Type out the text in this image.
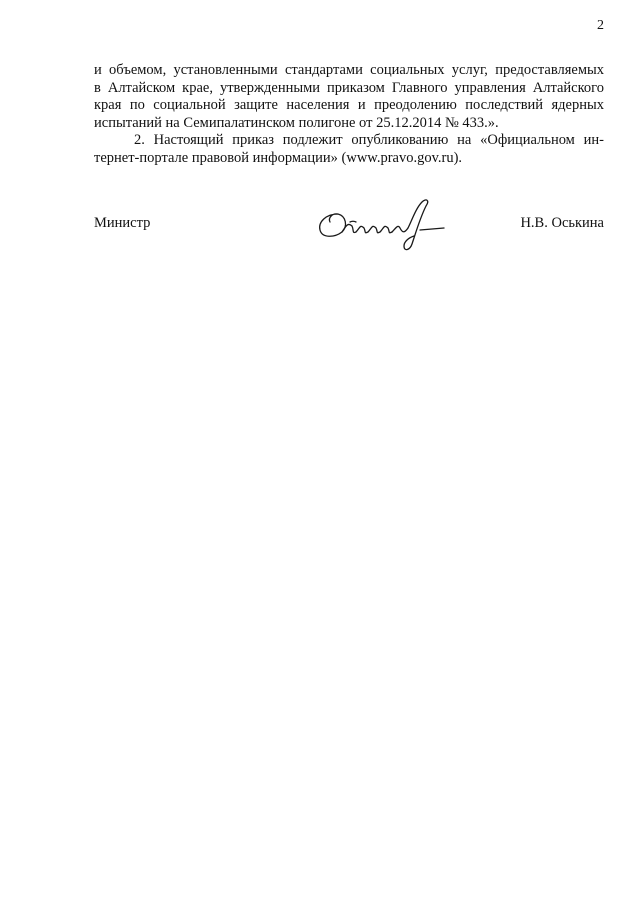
2
и объемом, установленными стандартами социальных услуг, предоставляемых
в Алтайском крае, утвержденными приказом Главного управления Алтайского
края по социальной защите населения и преодолению последствий ядерных
испытаний на Семипалатинском полигоне от 25.12.2014 № 433.».
2. Настоящий приказ подлежит опубликованию на «Официальном ин-
тернет-портале правовой информации» (www.pravo.gov.ru).
Министр	Н.В. Оськина
